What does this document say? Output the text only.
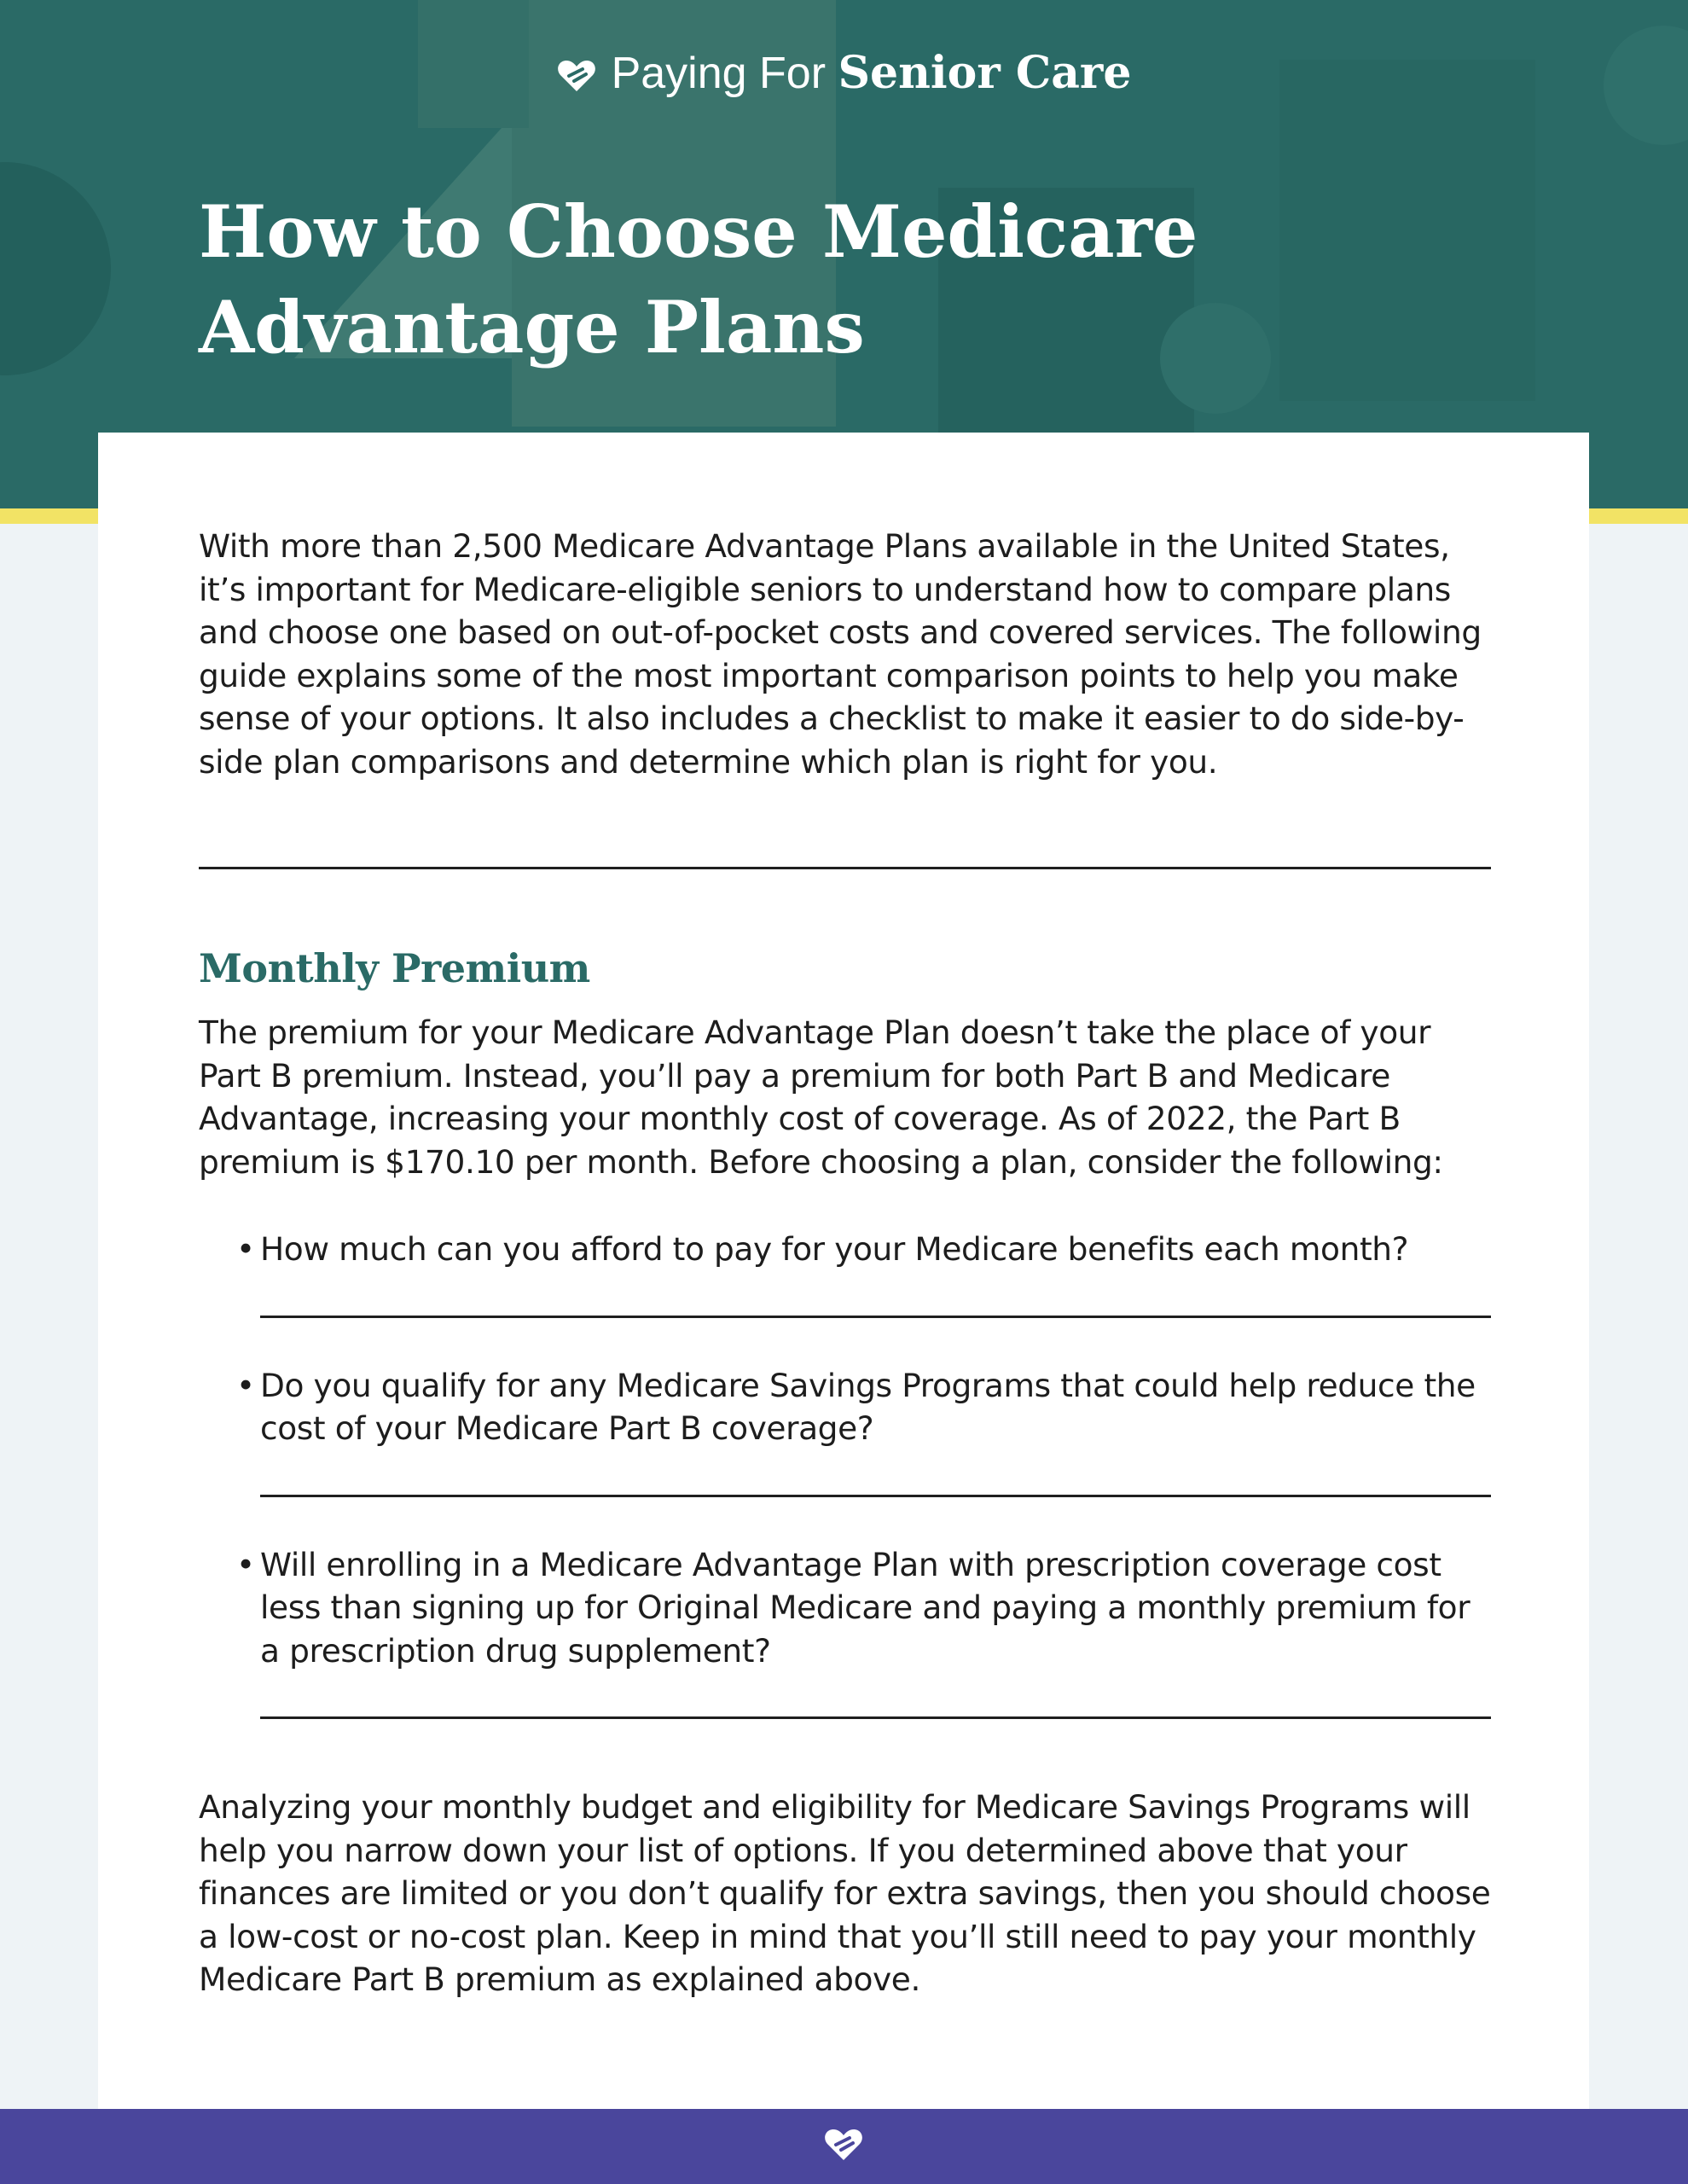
Paying For Senior Care
How to Choose Medicare Advantage Plans

With more than 2,500 Medicare Advantage Plans available in the United States, it’s important for Medicare-eligible seniors to understand how to compare plans and choose one based on out-of-pocket costs and covered services. The following guide explains some of the most important comparison points to help you make sense of your options. It also includes a checklist to make it easier to do side-by-side plan comparisons and determine which plan is right for you.

Monthly Premium

The premium for your Medicare Advantage Plan doesn’t take the place of your Part B premium. Instead, you’ll pay a premium for both Part B and Medicare Advantage, increasing your monthly cost of coverage. As of 2022, the Part B premium is $170.10 per month. Before choosing a plan, consider the following:

• How much can you afford to pay for your Medicare benefits each month?

• Do you qualify for any Medicare Savings Programs that could help reduce the cost of your Medicare Part B coverage?

• Will enrolling in a Medicare Advantage Plan with prescription coverage cost less than signing up for Original Medicare and paying a monthly premium for a prescription drug supplement?

Analyzing your monthly budget and eligibility for Medicare Savings Programs will help you narrow down your list of options. If you determined above that your finances are limited or you don’t qualify for extra savings, then you should choose a low-cost or no-cost plan. Keep in mind that you’ll still need to pay your monthly Medicare Part B premium as explained above.
